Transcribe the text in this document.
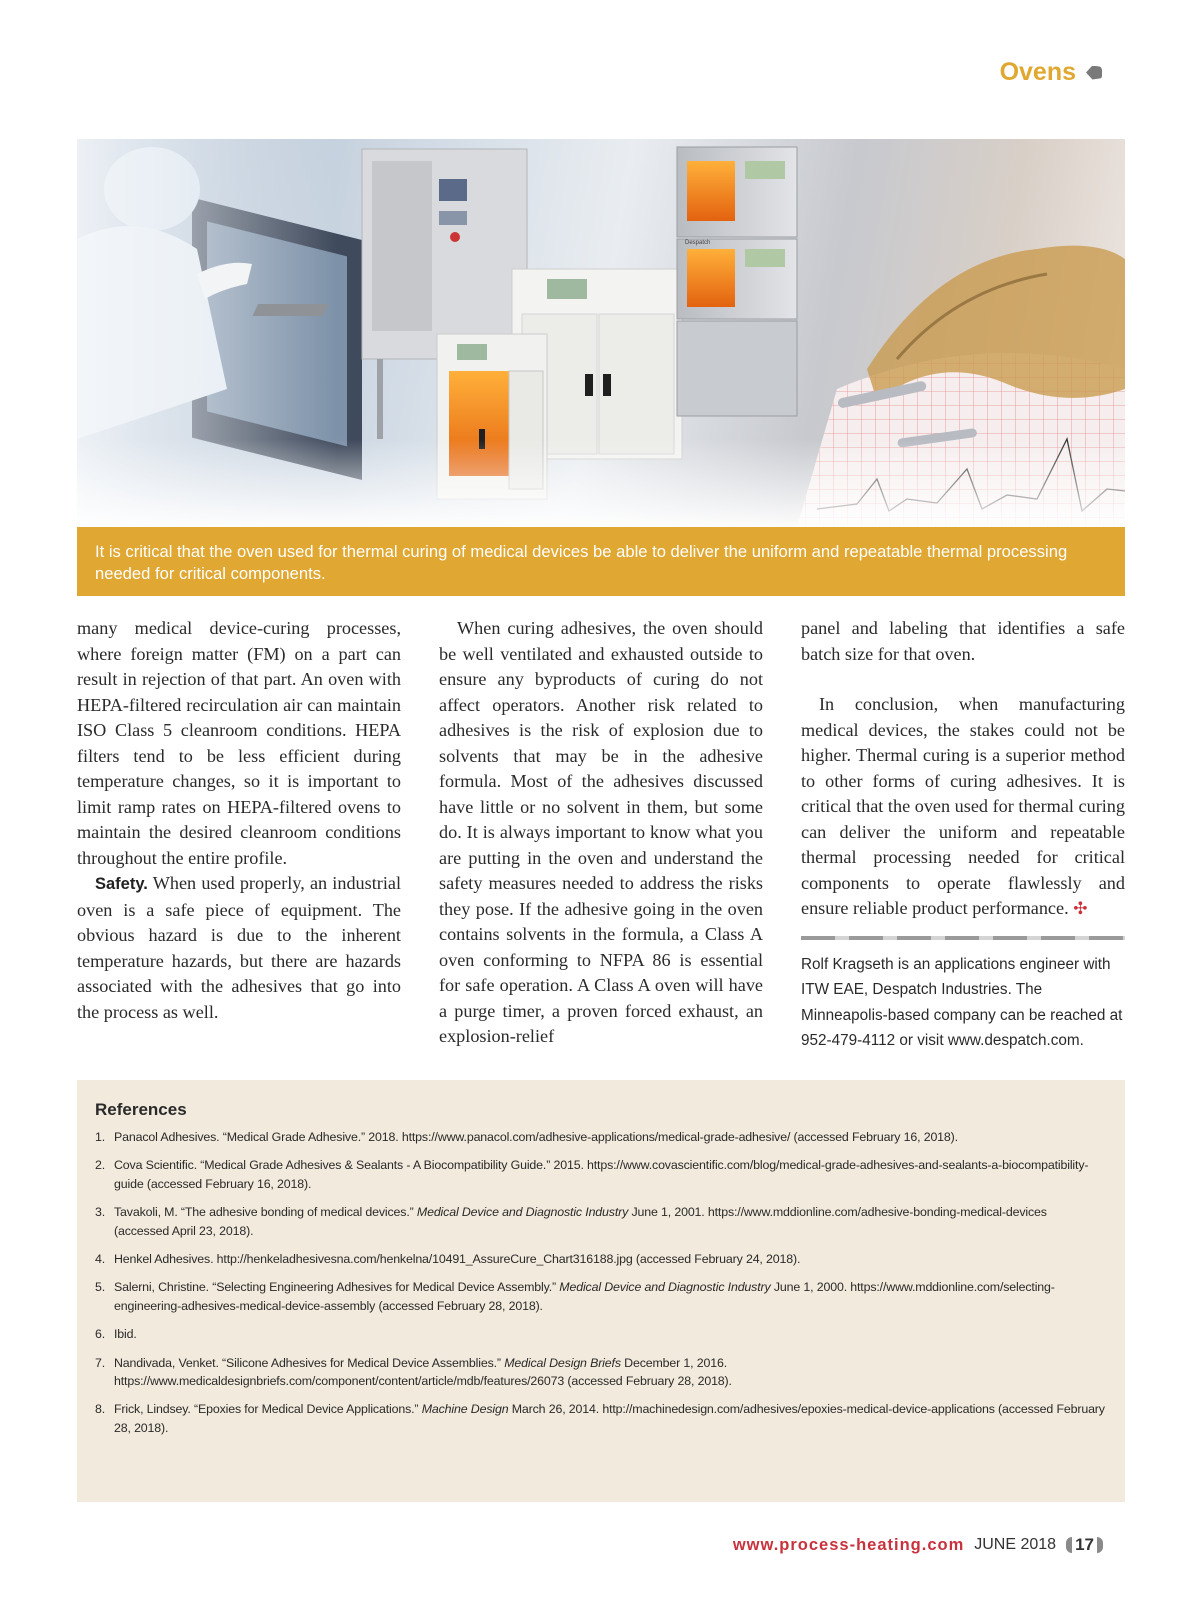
Ovens
Despatch
It is critical that the oven used for thermal curing of medical devices be able to deliver the uniform and repeatable thermal processing needed for critical components.

many medical device-curing processes, where foreign matter (FM) on a part can result in rejection of that part. An oven with HEPA-filtered recirculation air can maintain ISO Class 5 cleanroom conditions. HEPA filters tend to be less efficient during temperature changes, so it is important to limit ramp rates on HEPA-filtered ovens to maintain the desired cleanroom conditions throughout the entire profile.

Safety. When used properly, an industrial oven is a safe piece of equipment. The obvious hazard is due to the inherent temperature hazards, but there are hazards associated with the adhesives that go into the process as well.

When curing adhesives, the oven should be well ventilated and exhausted outside to ensure any byproducts of curing do not affect operators. Another risk related to adhesives is the risk of explosion due to solvents that may be in the adhesive formula. Most of the adhesives discussed have little or no solvent in them, but some do. It is always important to know what you are putting in the oven and understand the safety measures needed to address the risks they pose. If the adhesive going in the oven contains solvents in the formula, a Class A oven conforming to NFPA 86 is essential for safe operation. A Class A oven will have a purge timer, a proven forced exhaust, an explosion-relief

panel and labeling that identifies a safe batch size for that oven.

In conclusion, when manufacturing medical devices, the stakes could not be higher. Thermal curing is a superior method to other forms of curing adhesives. It is critical that the oven used for thermal curing can deliver the uniform and repeatable thermal processing needed for critical components to operate flawlessly and ensure reliable product performance. ✣

Rolf Kragseth is an applications engineer with ITW EAE, Despatch Industries. The Minneapolis-based company can be reached at 952-479-4112 or visit www.despatch.com.

References
1. Panacol Adhesives. “Medical Grade Adhesive.” 2018. https://www.panacol.com/adhesive-applications/medical-grade-adhesive/ (accessed February 16, 2018).
2. Cova Scientific. “Medical Grade Adhesives & Sealants - A Biocompatibility Guide.” 2015. https://www.covascientific.com/blog/medical-grade-adhesives-and-sealants-a-biocompatibility-guide (accessed February 16, 2018).
3. Tavakoli, M. “The adhesive bonding of medical devices.” Medical Device and Diagnostic Industry June 1, 2001. https://www.mddionline.com/adhesive-bonding-medical-devices (accessed April 23, 2018).
4. Henkel Adhesives. http://henkeladhesivesna.com/henkelna/10491_AssureCure_Chart316188.jpg (accessed February 24, 2018).
5. Salerni, Christine. “Selecting Engineering Adhesives for Medical Device Assembly.” Medical Device and Diagnostic Industry June 1, 2000. https://www.mddionline.com/selecting-engineering-adhesives-medical-device-assembly (accessed February 28, 2018).
6. Ibid.
7. Nandivada, Venket. “Silicone Adhesives for Medical Device Assemblies.” Medical Design Briefs December 1, 2016. https://www.medicaldesignbriefs.com/component/content/article/mdb/features/26073 (accessed February 28, 2018).
8. Frick, Lindsey. “Epoxies for Medical Device Applications.” Machine Design March 26, 2014. http://machinedesign.com/adhesives/epoxies-medical-device-applications (accessed February 28, 2018).
www.process-heating.com JUNE 2018 17
